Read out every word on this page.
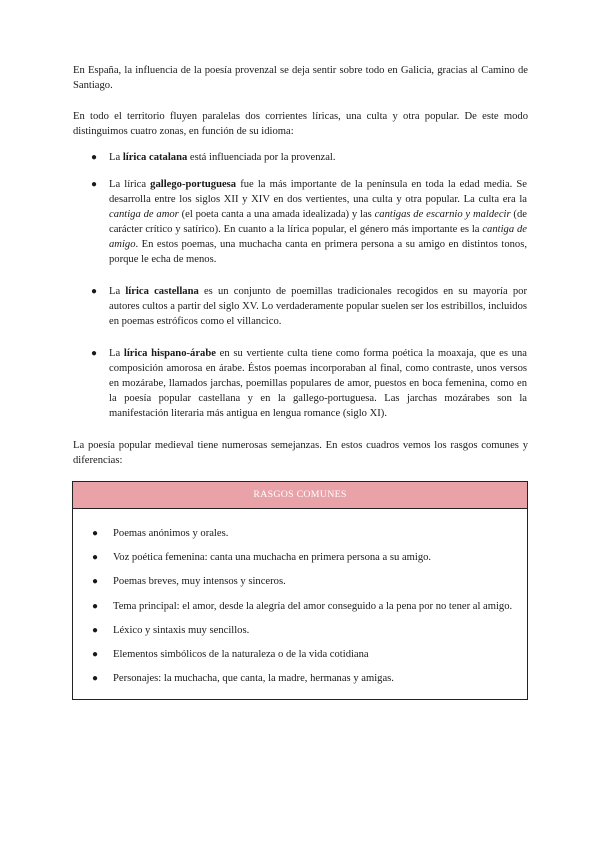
En España, la influencia de la poesía provenzal se deja sentir sobre todo en Galicia, gracias al Camino de Santiago.

En todo el territorio fluyen paralelas dos corrientes líricas, una culta y otra popular. De este modo distinguimos cuatro zonas, en función de su idioma:

● La lírica catalana está influenciada por la provenzal.
● La lírica gallego-portuguesa fue la más importante de la península en toda la edad media. Se desarrolla entre los siglos XII y XIV en dos vertientes, una culta y otra popular. La culta era la cantiga de amor (el poeta canta a una amada idealizada) y las cantigas de escarnio y maldecir (de carácter crítico y satírico). En cuanto a la lírica popular, el género más importante es la cantiga de amigo. En estos poemas, una muchacha canta en primera persona a su amigo en distintos tonos, porque le echa de menos.
● La lírica castellana es un conjunto de poemillas tradicionales recogidos en su mayoría por autores cultos a partir del siglo XV. Lo verdaderamente popular suelen ser los estribillos, incluidos en poemas estróficos como el villancico.
● La lírica hispano-árabe en su vertiente culta tiene como forma poética la moaxaja, que es una composición amorosa en árabe. Éstos poemas incorporaban al final, como contraste, unos versos en mozárabe, llamados jarchas, poemillas populares de amor, puestos en boca femenina, como en la poesía popular castellana y en la gallego-portuguesa. Las jarchas mozárabes son la manifestación literaria más antigua en lengua romance (siglo XI).

La poesía popular medieval tiene numerosas semejanzas. En estos cuadros vemos los rasgos comunes y diferencias:

RASGOS COMUNES
● Poemas anónimos y orales.
● Voz poética femenina: canta una muchacha en primera persona a su amigo.
● Poemas breves, muy intensos y sinceros.
● Tema principal: el amor, desde la alegría del amor conseguido a la pena por no tener al amigo.
● Léxico y sintaxis muy sencillos.
● Elementos simbólicos de la naturaleza o de la vida cotidiana
● Personajes: la muchacha, que canta, la madre, hermanas y amigas.
